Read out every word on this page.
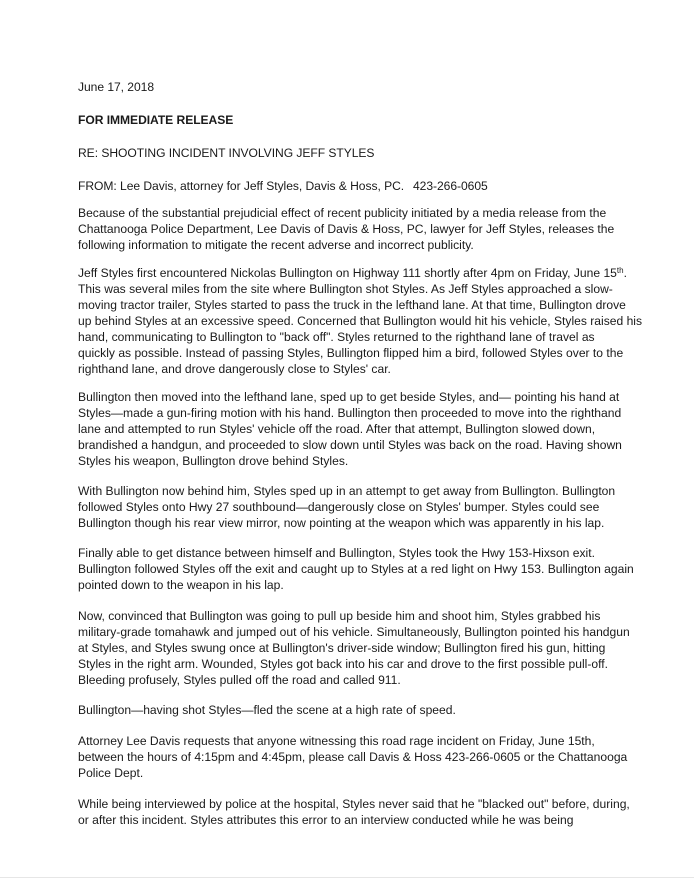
June 17, 2018
FOR IMMEDIATE RELEASE
RE: SHOOTING INCIDENT INVOLVING JEFF STYLES
FROM: Lee Davis, attorney for Jeff Styles, Davis & Hoss, PC. 423-266-0605
Because of the substantial prejudicial effect of recent publicity initiated by a media release from the
Chattanooga Police Department, Lee Davis of Davis & Hoss, PC, lawyer for Jeff Styles, releases the
following information to mitigate the recent adverse and incorrect publicity.
Jeff Styles first encountered Nickolas Bullington on Highway 111 shortly after 4pm on Friday, June 15th.
This was several miles from the site where Bullington shot Styles. As Jeff Styles approached a slow-
moving tractor trailer, Styles started to pass the truck in the lefthand lane. At that time, Bullington drove
up behind Styles at an excessive speed. Concerned that Bullington would hit his vehicle, Styles raised his
hand, communicating to Bullington to "back off". Styles returned to the righthand lane of travel as
quickly as possible. Instead of passing Styles, Bullington flipped him a bird, followed Styles over to the
righthand lane, and drove dangerously close to Styles' car.
Bullington then moved into the lefthand lane, sped up to get beside Styles, and— pointing his hand at
Styles—made a gun-firing motion with his hand. Bullington then proceeded to move into the righthand
lane and attempted to run Styles' vehicle off the road. After that attempt, Bullington slowed down,
brandished a handgun, and proceeded to slow down until Styles was back on the road. Having shown
Styles his weapon, Bullington drove behind Styles.
With Bullington now behind him, Styles sped up in an attempt to get away from Bullington. Bullington
followed Styles onto Hwy 27 southbound—dangerously close on Styles' bumper. Styles could see
Bullington though his rear view mirror, now pointing at the weapon which was apparently in his lap.
Finally able to get distance between himself and Bullington, Styles took the Hwy 153-Hixson exit.
Bullington followed Styles off the exit and caught up to Styles at a red light on Hwy 153. Bullington again
pointed down to the weapon in his lap.
Now, convinced that Bullington was going to pull up beside him and shoot him, Styles grabbed his
military-grade tomahawk and jumped out of his vehicle. Simultaneously, Bullington pointed his handgun
at Styles, and Styles swung once at Bullington's driver-side window; Bullington fired his gun, hitting
Styles in the right arm. Wounded, Styles got back into his car and drove to the first possible pull-off.
Bleeding profusely, Styles pulled off the road and called 911.
Bullington—having shot Styles—fled the scene at a high rate of speed.
Attorney Lee Davis requests that anyone witnessing this road rage incident on Friday, June 15th,
between the hours of 4:15pm and 4:45pm, please call Davis & Hoss 423-266-0605 or the Chattanooga
Police Dept.
While being interviewed by police at the hospital, Styles never said that he "blacked out" before, during,
or after this incident. Styles attributes this error to an interview conducted while he was being
